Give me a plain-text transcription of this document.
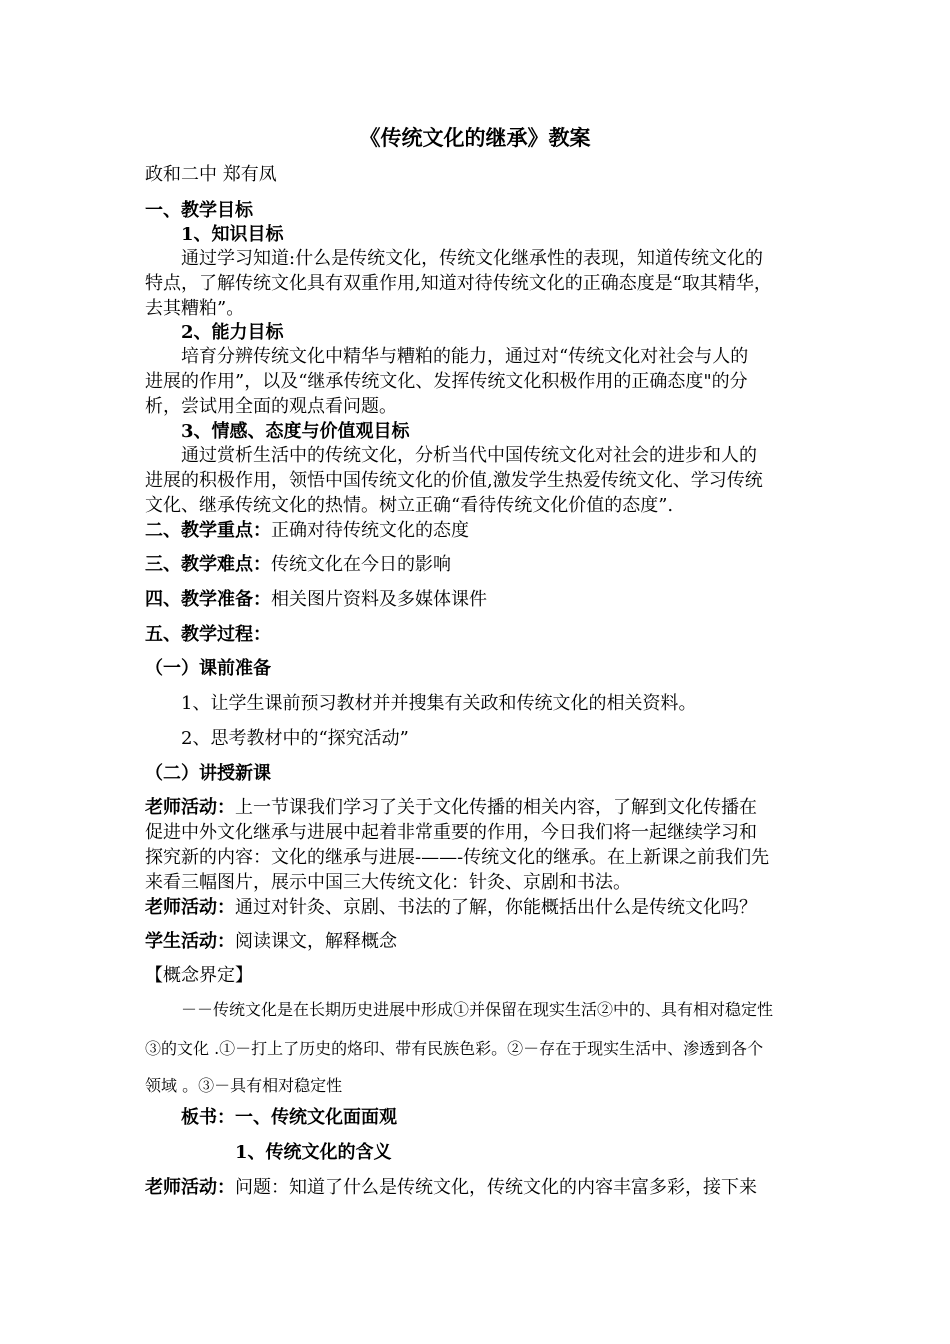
《传统文化的继承》教案
政和二中 郑有凤
一、教学目标
1、知识目标
通过学习知道:什么是传统文化，传统文化继承性的表现，知道传统文化的
特点，了解传统文化具有双重作用,知道对待传统文化的正确态度是“取其精华，
去其糟粕”。
2、能力目标
培育分辨传统文化中精华与糟粕的能力，通过对“传统文化对社会与人的
进展的作用”，以及“继承传统文化、发挥传统文化积极作用的正确态度"的分
析，尝试用全面的观点看问题。
3、情感、态度与价值观目标
通过赏析生活中的传统文化，分析当代中国传统文化对社会的进步和人的
进展的积极作用，领悟中国传统文化的价值,激发学生热爱传统文化、学习传统
文化、继承传统文化的热情。树立正确“看待传统文化价值的态度”.
二、教学重点：正确对待传统文化的态度
三、教学难点：传统文化在今日的影响
四、教学准备：相关图片资料及多媒体课件
五、教学过程：
（一）课前准备
1、让学生课前预习教材并并搜集有关政和传统文化的相关资料。
2、思考教材中的“探究活动”
（二）讲授新课
老师活动：上一节课我们学习了关于文化传播的相关内容，了解到文化传播在
促进中外文化继承与进展中起着非常重要的作用，今日我们将一起继续学习和
探究新的内容：文化的继承与进展-——-传统文化的继承。在上新课之前我们先
来看三幅图片，展示中国三大传统文化：针灸、京剧和书法。
老师活动：通过对针灸、京剧、书法的了解，你能概括出什么是传统文化吗？
学生活动：阅读课文，解释概念
【概念界定】
－－传统文化是在长期历史进展中形成①并保留在现实生活②中的、具有相对稳定性
③的文化 .①－打上了历史的烙印、带有民族色彩。②－存在于现实生活中、渗透到各个
领域 。③－具有相对稳定性
板书：一、传统文化面面观
1、传统文化的含义
老师活动：问题：知道了什么是传统文化，传统文化的内容丰富多彩，接下来
